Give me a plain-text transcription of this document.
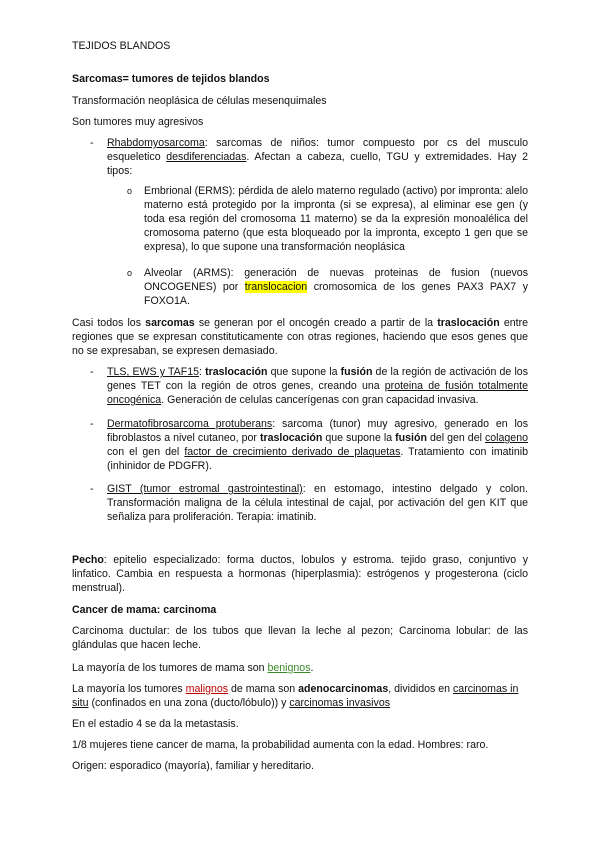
TEJIDOS BLANDOS

Sarcomas= tumores de tejidos blandos

Transformación neoplásica de células mesenquimales

Son tumores muy agresivos

- Rhabdomyosarcoma: sarcomas de niños: tumor compuesto por cs del musculo esqueletico desdiferenciadas. Afectan a cabeza, cuello, TGU y extremidades. Hay 2 tipos:
o Embrional (ERMS): pérdida de alelo materno regulado (activo) por impronta: alelo materno está protegido por la impronta (si se expresa), al eliminar ese gen (y toda esa región del cromosoma 11 materno) se da la expresión monoalélica del cromosoma paterno (que esta bloqueado por la impronta, excepto 1 gen que se expresa), lo que supone una transformación neoplásica
o Alveolar (ARMS): generación de nuevas proteinas de fusion (nuevos ONCOGENES) por translocacion cromosomica de los genes PAX3 PAX7 y FOXO1A.

Casi todos los sarcomas se generan por el oncogén creado a partir de la traslocación entre regiones que se expresan constituticamente con otras regiones, haciendo que esos genes que no se expresaban, se expresen demasiado.

- TLS, EWS y TAF15: traslocación que supone la fusión de la región de activación de los genes TET con la región de otros genes, creando una proteina de fusión totalmente oncogénica. Generación de celulas cancerígenas con gran capacidad invasiva.
- Dermatofibrosarcoma protuberans: sarcoma (tunor) muy agresivo, generado en los fibroblastos a nivel cutaneo, por traslocación que supone la fusión del gen del colageno con el gen del factor de crecimiento derivado de plaquetas. Tratamiento con imatinib (inhinidor de PDGFR).
- GIST (tumor estromal gastrointestinal): en estomago, intestino delgado y colon. Transformación maligna de la célula intestinal de cajal, por activación del gen KIT que señaliza para proliferación. Terapia: imatinib.

Pecho: epitelio especializado: forma ductos, lobulos y estroma. tejido graso, conjuntivo y linfatico. Cambia en respuesta a hormonas (hiperplasmia): estrógenos y progesterona (ciclo menstrual).

Cancer de mama: carcinoma

Carcinoma ductular: de los tubos que llevan la leche al pezon; Carcinoma lobular: de las glándulas que hacen leche.

La mayoría de los tumores de mama son benignos.

La mayoría los tumores malignos de mama son adenocarcinomas, divididos en carcinomas in situ (confinados en una zona (ducto/lóbulo)) y carcinomas invasivos

En el estadio 4 se da la metastasis.

1/8 mujeres tiene cancer de mama, la probabilidad aumenta con la edad. Hombres: raro.

Origen: esporadico (mayoría), familiar y hereditario.
